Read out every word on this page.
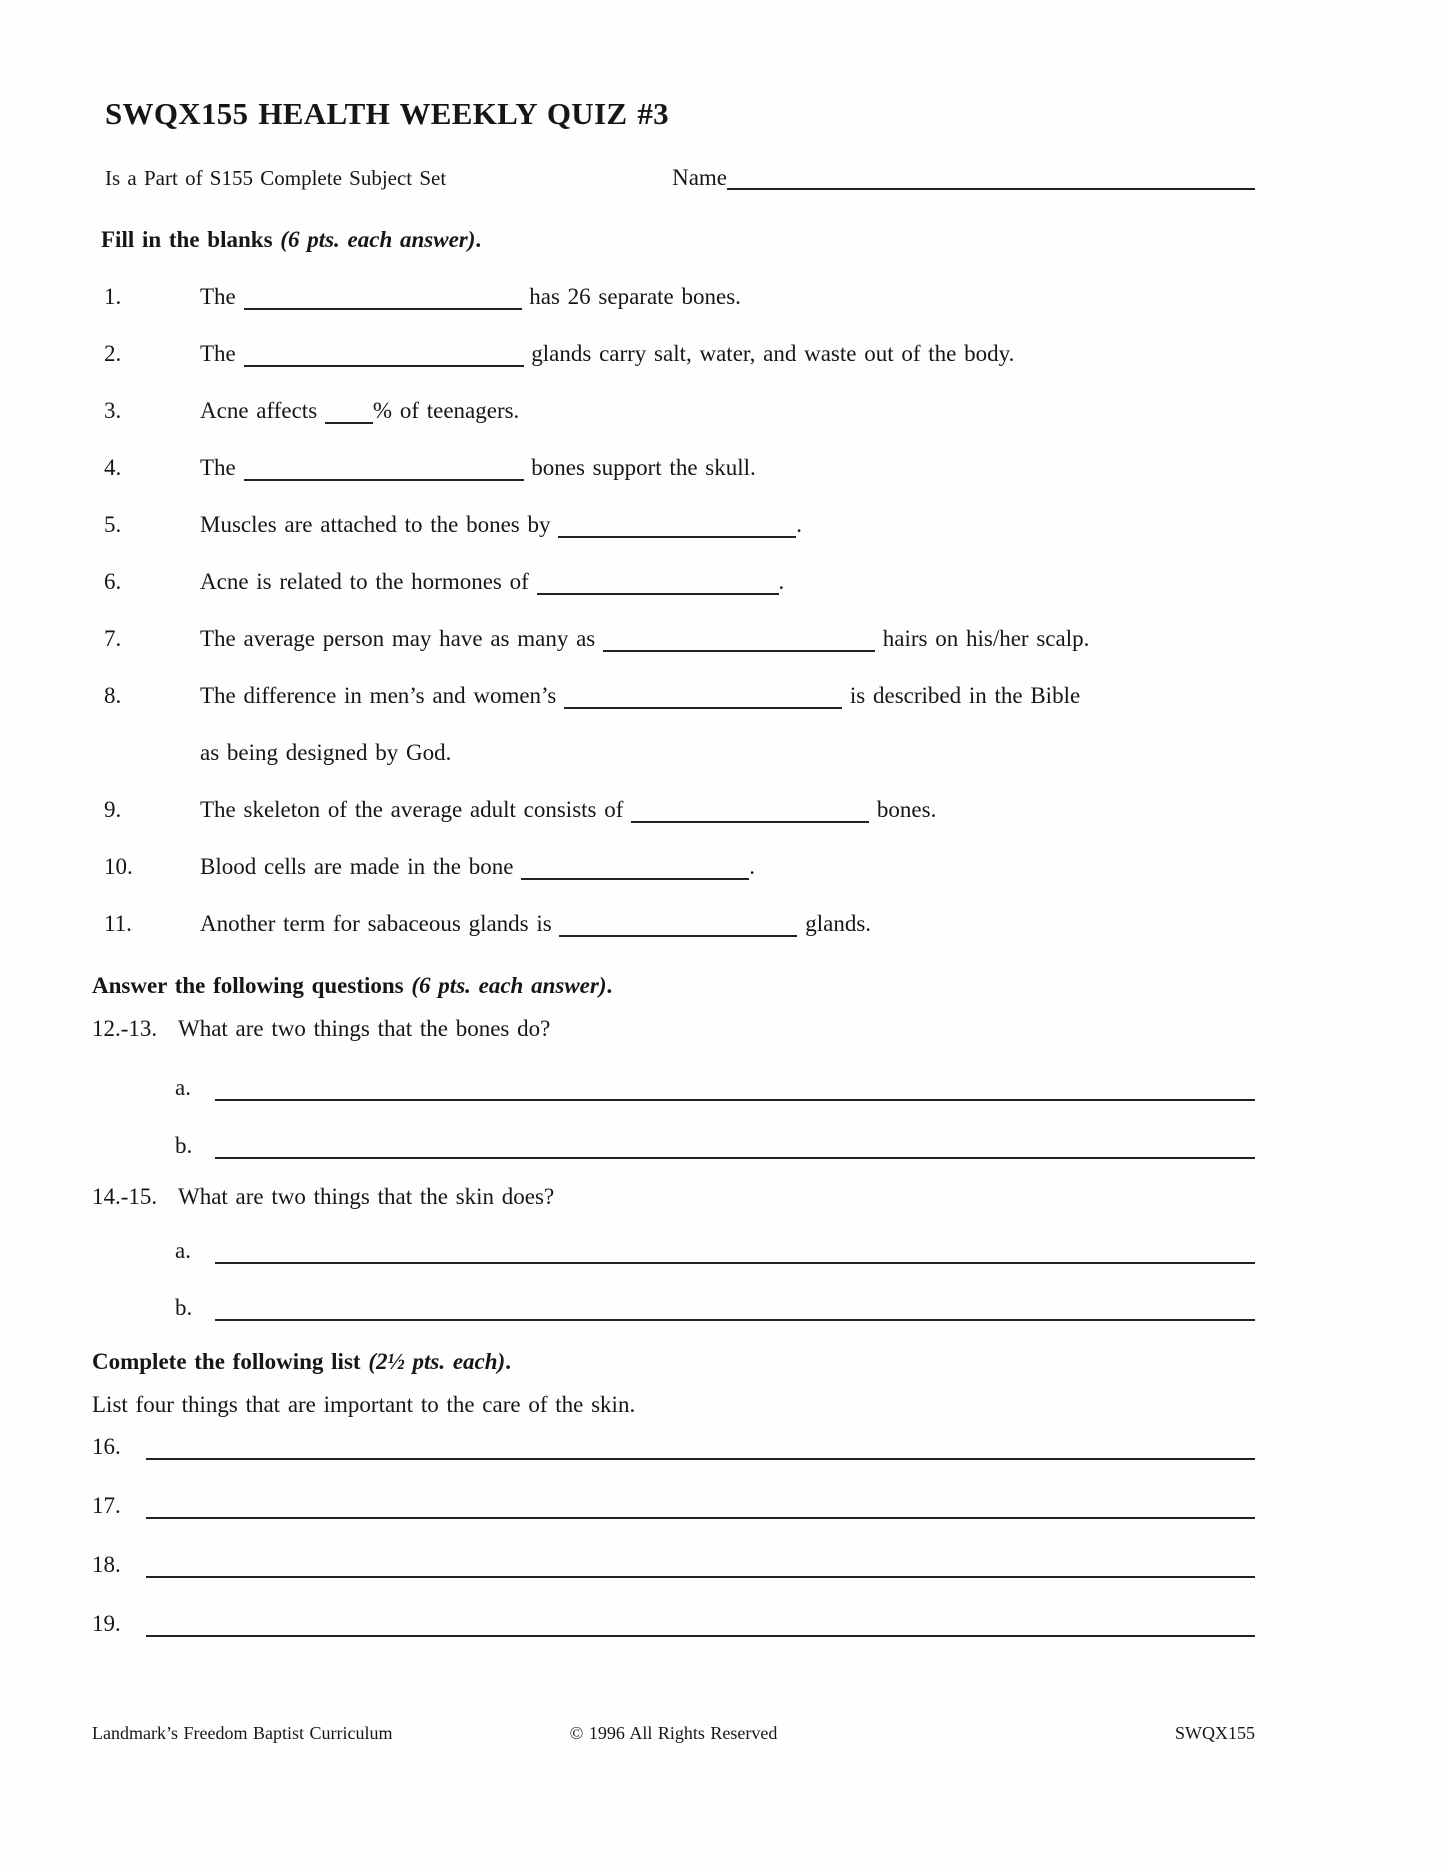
SWQX155 HEALTH WEEKLY QUIZ #3
Is a Part of S155 Complete Subject Set	Name
Fill in the blanks (6 pts. each answer).
1.	The	has 26 separate bones.
2.	The	glands carry salt, water, and waste out of the body.
3.	Acne affects % of teenagers.
4.	The	bones support the skull.
5.	Muscles are attached to the bones by	.
6.	Acne is related to the hormones of	.
7.	The average person may have as many as	hairs on his/her scalp.
8.	The difference in men’s and women’s	is described in the Bible
as being designed by God.
9.	The skeleton of the average adult consists of	bones.
10.	Blood cells are made in the bone	.
11.	Another term for sabaceous glands is	glands.
Answer the following questions (6 pts. each answer).
12.-13. What are two things that the bones do?
a.
b.
14.-15. What are two things that the skin does?
a.
b.
Complete the following list (2½ pts. each).
List four things that are important to the care of the skin.
16.
17.
18.
19.
Landmark’s Freedom Baptist Curriculum	© 1996 All Rights Reserved	SWQX155
